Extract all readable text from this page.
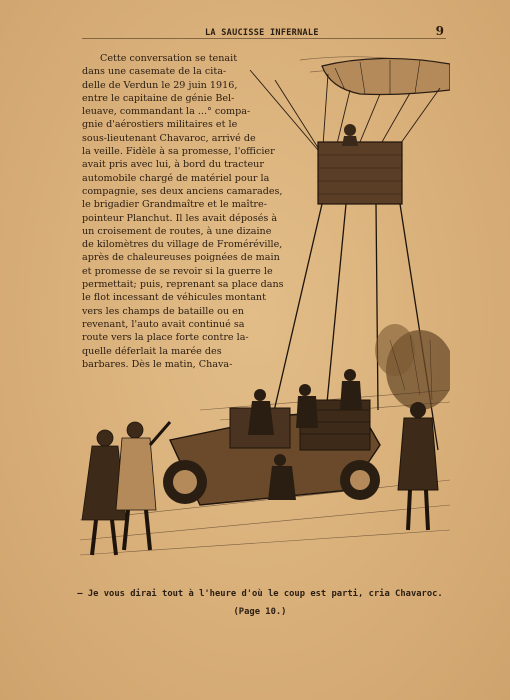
LA SAUCISSE INFERNALE	9
Cette conversation se tenait
dans une casemate de la cita-
delle de Verdun le 29 juin 1916,
entre le capitaine de génie Bel-
leuave, commandant la ...° compa-
gnie d'aérostiers militaires et le
sous-lieutenant Chavaroc, arrivé de
la veille. Fidèle à sa promesse, l'officier
avait pris avec lui, à bord du tracteur
automobile chargé de matériel pour la
compagnie, ses deux anciens camarades,
le brigadier Grandmaître et le maître-
pointeur Planchut. Il les avait déposés à
un croisement de routes, à une dizaine
de kilomètres du village de Froméréville,
après de chaleureuses poignées de main
et promesse de se revoir si la guerre le
permettait; puis, reprenant sa place dans
le flot incessant de véhicules montant
vers les champs de bataille ou en
revenant, l'auto avait continué sa
route vers la place forte contre la-
quelle déferlait la marée des
barbares. Dès le matin, Chava-
— Je vous dirai tout à l'heure d'où le coup est parti, cria Chavaroc.
(Page 10.)
